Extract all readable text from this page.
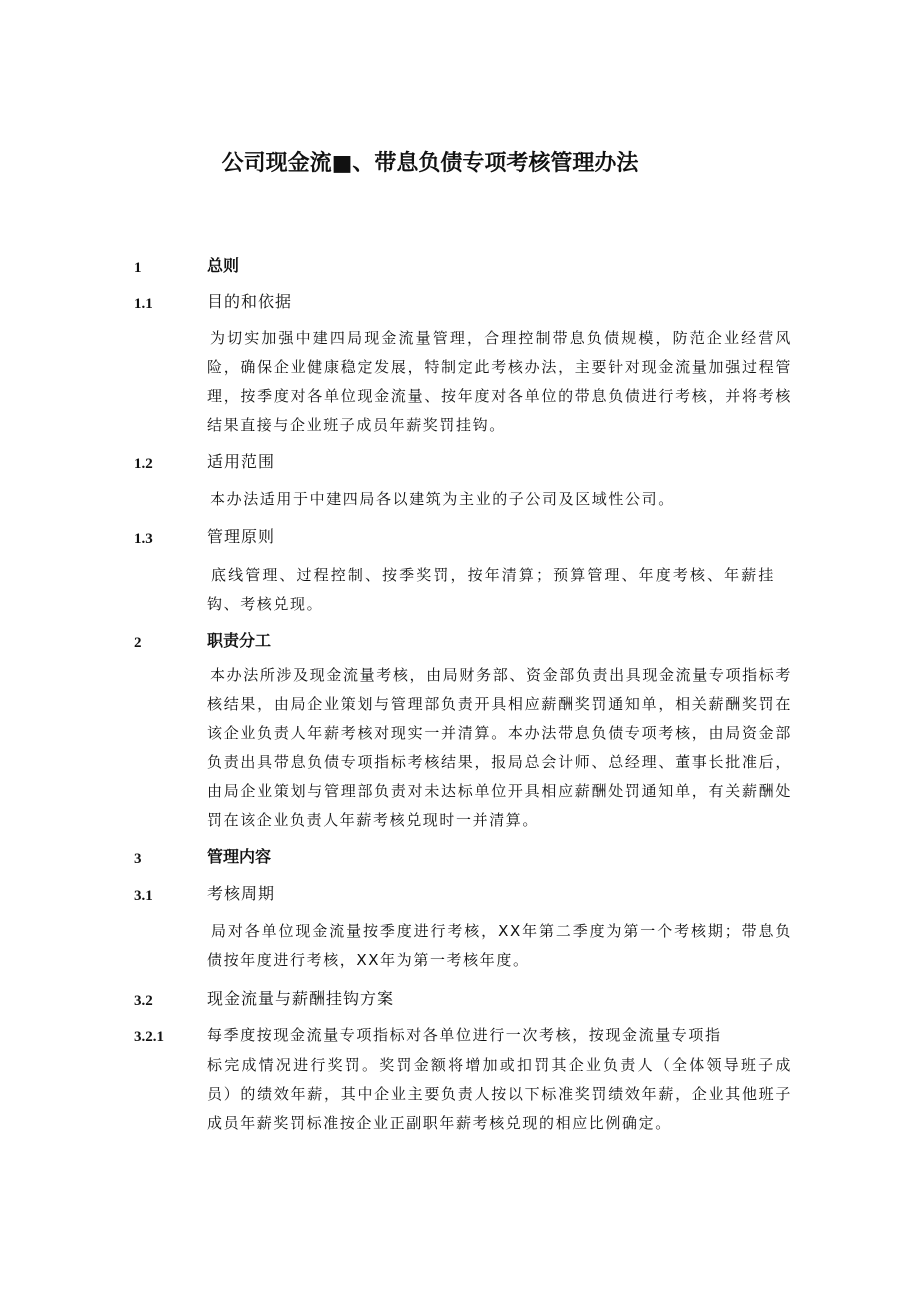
公司现金流■、带息负债专项考核管理办法
1	总则
1.1	目的和依据
为切实加强中建四局现金流量管理，合理控制带息负债规模，防范企业经营风险，确保企业健康稳定发展，特制定此考核办法，主要针对现金流量加强过程管理，按季度对各单位现金流量、按年度对各单位的带息负债进行考核，并将考核结果直接与企业班子成员年薪奖罚挂钩。
1.2	适用范围
本办法适用于中建四局各以建筑为主业的子公司及区域性公司。
1.3	管理原则
底线管理、过程控制、按季奖罚，按年清算；预算管理、年度考核、年薪挂钩、考核兑现。
2	职责分工
本办法所涉及现金流量考核，由局财务部、资金部负责出具现金流量专项指标考核结果，由局企业策划与管理部负责开具相应薪酬奖罚通知单，相关薪酬奖罚在该企业负责人年薪考核对现实一并清算。本办法带息负债专项考核，由局资金部负责出具带息负债专项指标考核结果，报局总会计师、总经理、董事长批准后，由局企业策划与管理部负责对未达标单位开具相应薪酬处罚通知单，有关薪酬处罚在该企业负责人年薪考核兑现时一并清算。
3	管理内容
3.1	考核周期
局对各单位现金流量按季度进行考核，XX年第二季度为第一个考核期；带息负债按年度进行考核，XX年为第一考核年度。
3.2	现金流量与薪酬挂钩方案
3.2.1	每季度按现金流量专项指标对各单位进行一次考核，按现金流量专项指
标完成情况进行奖罚。奖罚金额将增加或扣罚其企业负责人（全体领导班子成员）的绩效年薪，其中企业主要负责人按以下标准奖罚绩效年薪，企业其他班子成员年薪奖罚标准按企业正副职年薪考核兑现的相应比例确定。
